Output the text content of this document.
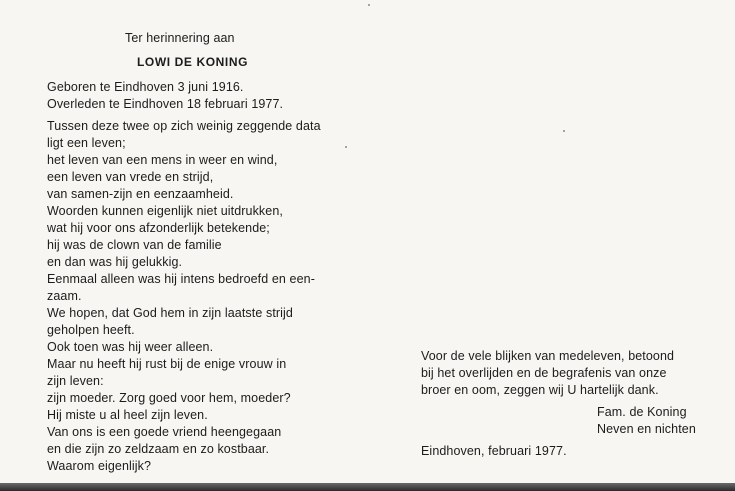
Ter herinnering aan
LOWI DE KONING
Geboren te Eindhoven 3 juni 1916.
Overleden te Eindhoven 18 februari 1977.
Tussen deze twee op zich weinig zeggende data
ligt een leven;
het leven van een mens in weer en wind,
een leven van vrede en strijd,
van samen-zijn en eenzaamheid.
Woorden kunnen eigenlijk niet uitdrukken,
wat hij voor ons afzonderlijk betekende;
hij was de clown van de familie
en dan was hij gelukkig.
Eenmaal alleen was hij intens bedroefd en een-
zaam.
We hopen, dat God hem in zijn laatste strijd
geholpen heeft.
Ook toen was hij weer alleen.
Maar nu heeft hij rust bij de enige vrouw in
zijn leven:
zijn moeder. Zorg goed voor hem, moeder?
Hij miste u al heel zijn leven.
Van ons is een goede vriend heengegaan
en die zijn zo zeldzaam en zo kostbaar.
Waarom eigenlijk?
Voor de vele blijken van medeleven, betoond
bij het overlijden en de begrafenis van onze
broer en oom, zeggen wij U hartelijk dank.
Fam. de Koning
Neven en nichten
Eindhoven, februari 1977.
